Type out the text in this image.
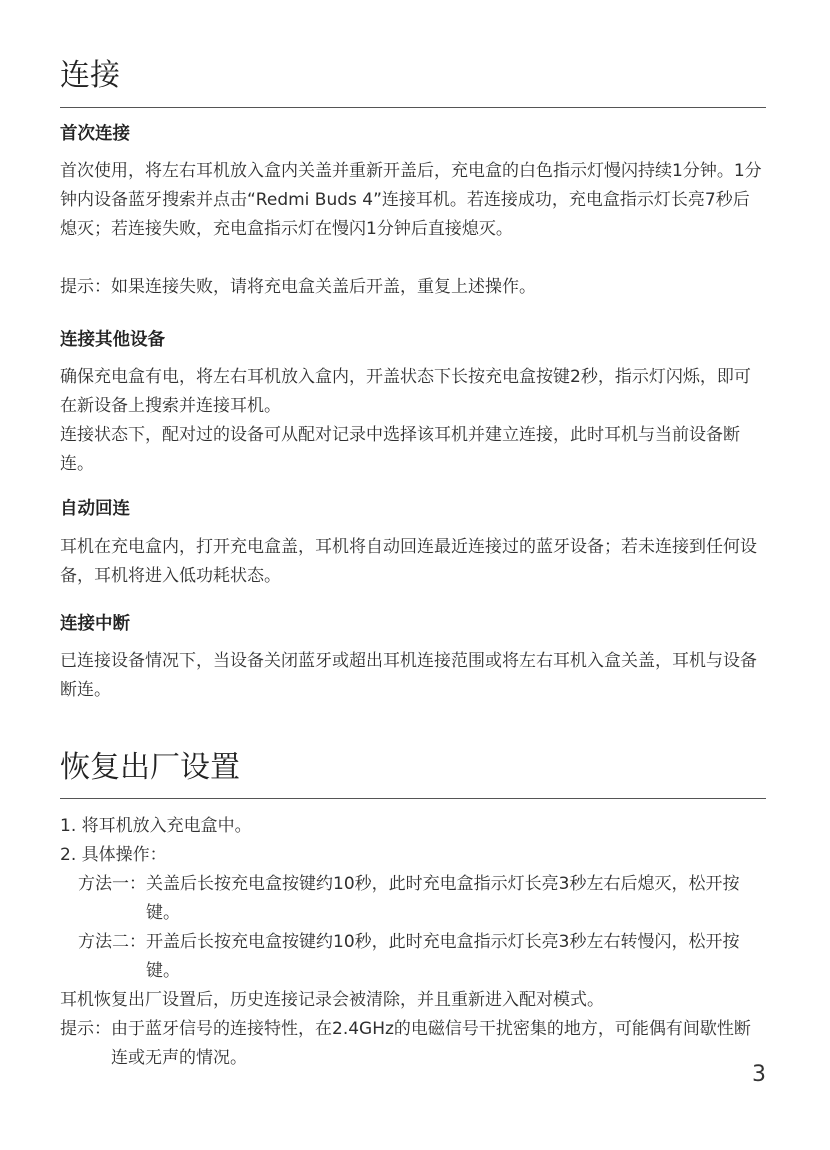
连接
首次连接
首次使用，将左右耳机放入盒内关盖并重新开盖后，充电盒的白色指示灯慢闪持续1分钟。1分钟内设备蓝牙搜索并点击“Redmi Buds 4”连接耳机。若连接成功，充电盒指示灯长亮7秒后熄灭；若连接失败，充电盒指示灯在慢闪1分钟后直接熄灭。
提示：如果连接失败，请将充电盒关盖后开盖，重复上述操作。
连接其他设备
确保充电盒有电，将左右耳机放入盒内，开盖状态下长按充电盒按键2秒，指示灯闪烁，即可在新设备上搜索并连接耳机。
连接状态下，配对过的设备可从配对记录中选择该耳机并建立连接，此时耳机与当前设备断连。
自动回连
耳机在充电盒内，打开充电盒盖，耳机将自动回连最近连接过的蓝牙设备；若未连接到任何设备，耳机将进入低功耗状态。
连接中断
已连接设备情况下，当设备关闭蓝牙或超出耳机连接范围或将左右耳机入盒关盖，耳机与设备断连。
恢复出厂设置
1. 将耳机放入充电盒中。
2. 具体操作：
方法一： 关盖后长按充电盒按键约10秒，此时充电盒指示灯长亮3秒左右后熄灭，松开按键。
方法二： 开盖后长按充电盒按键约10秒，此时充电盒指示灯长亮3秒左右转慢闪，松开按键。
耳机恢复出厂设置后，历史连接记录会被清除，并且重新进入配对模式。
提示： 由于蓝牙信号的连接特性，在2.4GHz的电磁信号干扰密集的地方，可能偶有间歇性断连或无声的情况。
3
